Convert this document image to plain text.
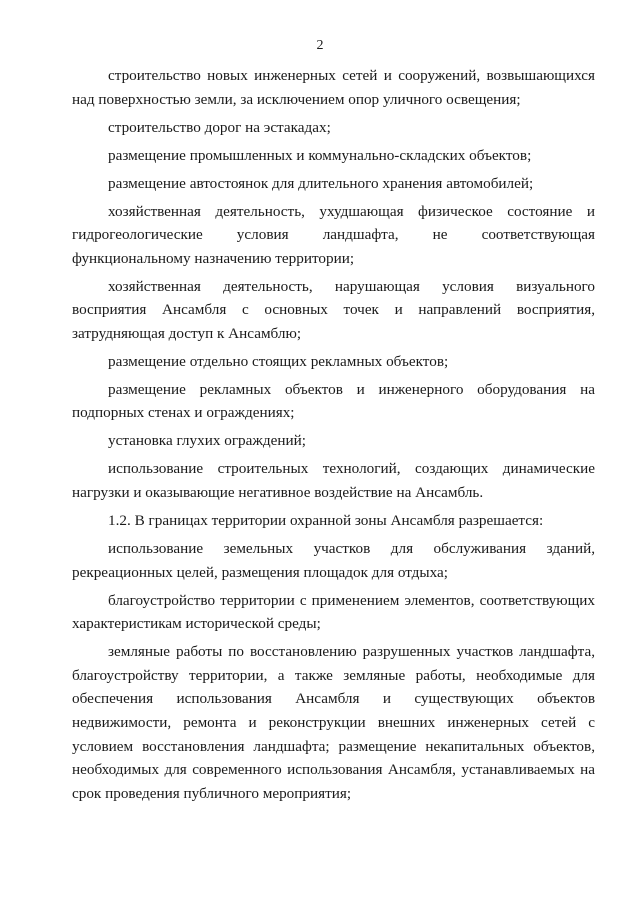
2

строительство новых инженерных сетей и сооружений, возвышающихся над поверхностью земли, за исключением опор уличного освещения;

строительство дорог на эстакадах;

размещение промышленных и коммунально-складских объектов;

размещение автостоянок для длительного хранения автомобилей;

хозяйственная деятельность, ухудшающая физическое состояние и гидрогеологические условия ландшафта, не соответствующая функциональному назначению территории;

хозяйственная деятельность, нарушающая условия визуального восприятия Ансамбля с основных точек и направлений восприятия, затрудняющая доступ к Ансамблю;

размещение отдельно стоящих рекламных объектов;

размещение рекламных объектов и инженерного оборудования на подпорных стенах и ограждениях;

установка глухих ограждений;

использование строительных технологий, создающих динамические нагрузки и оказывающие негативное воздействие на Ансамбль.

1.2. В границах территории охранной зоны Ансамбля разрешается:

использование земельных участков для обслуживания зданий, рекреационных целей, размещения площадок для отдыха;

благоустройство территории с применением элементов, соответствующих характеристикам исторической среды;

земляные работы по восстановлению разрушенных участков ландшафта, благоустройству территории, а также земляные работы, необходимые для обеспечения использования Ансамбля и существующих объектов недвижимости, ремонта и реконструкции внешних инженерных сетей с условием восстановления ландшафта; размещение некапитальных объектов, необходимых для современного использования Ансамбля, устанавливаемых на срок проведения публичного мероприятия;
